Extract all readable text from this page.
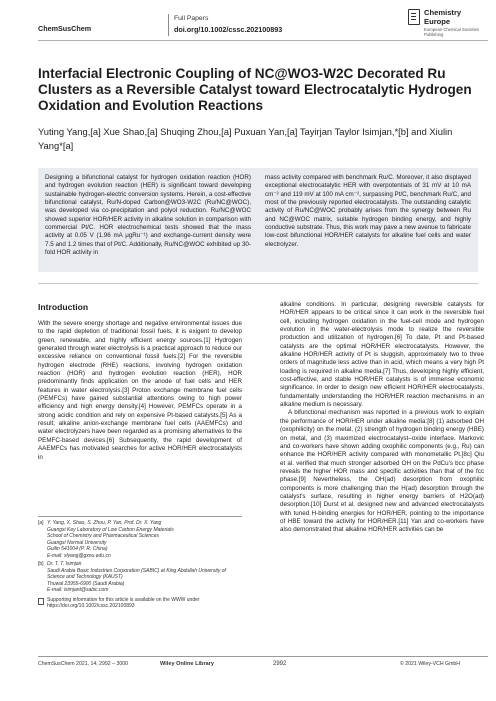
ChemSusChem
Full Papers
doi.org/10.1002/cssc.202100893
Chemistry
Europe
European Chemical Societies Publishing
Interfacial Electronic Coupling of NC@WO3-W2C Decorated Ru Clusters as a Reversible Catalyst toward Electrocatalytic Hydrogen Oxidation and Evolution Reactions
Yuting Yang,[a] Xue Shao,[a] Shuqing Zhou,[a] Puxuan Yan,[a] Tayirjan Taylor Isimjan,*[b] and Xiulin Yang*[a]
Designing a bifunctional catalyst for hydrogen oxidation reaction (HOR) and hydrogen evolution reaction (HER) is significant toward developing sustainable hydrogen-electric conversion systems. Herein, a cost-effective bifunctional catalyst, Ru/N-doped Carbon@WO3-W2C (Ru/NC@WOC), was developed via co-precipitation and polyol reduction. Ru/NC@WOC showed superior HOR/HER activity in alkaline solution in comparison with commercial Pt/C. HOR electrochemical tests showed that the mass activity at 0.05 V (1.96 mA μgRu⁻¹) and exchange-current density were 7.5 and 1.2 times that of Pt/C. Additionally, Ru/NC@WOC exhibited up 30-fold HOR activity in
mass activity compared with benchmark Ru/C. Moreover, it also displayed exceptional electrocatalytic HER with overpotentials of 31 mV at 10 mA cm⁻² and 119 mV at 100 mA cm⁻², surpassing Pt/C, benchmark Ru/C, and most of the previously reported electrocatalysts. The outstanding catalytic activity of Ru/NC@WOC probably arises from the synergy between Ru and NC@WOC matrix, suitable hydrogen binding energy, and highly conductive substrate. Thus, this work may pave a new avenue to fabricate low-cost bifunctional HOR/HER catalysts for alkaline fuel cells and water electrolyzer.
Introduction

With the severe energy shortage and negative environmental issues due to the rapid depletion of traditional fossil fuels, it is exigent to develop green, renewable, and highly efficient energy sources.[1] Hydrogen generated through water electrolysis is a practical approach to reduce our excessive reliance on conventional fossil fuels.[2] For the reversible hydrogen electrode (RHE) reactions, involving hydrogen oxidation reaction (HOR) and hydrogen evolution reaction (HER), HOR predominantly finds application on the anode of fuel cells and HER features in water electrolysis.[3] Proton exchange membrane fuel cells (PEMFCs) have gained substantial attentions owing to high power efficiency and high energy density.[4] However, PEMFCs operate in a strong acidic condition and rely on expensive Pt-based catalysts.[5] As a result; alkaline anion-exchange membrane fuel cells (AAEMFCs) and water electrolyzers have been regarded as a promising alternatives to the PEMFC-based devices.[6] Subsequently, the rapid development of AAEMFCs has motivated searches for active HOR/HER electrocatalysts in

alkaline conditions. In particular, designing reversible catalysts for HOR/HER appears to be critical since it can work in the reversible fuel cell, including hydrogen oxidation in the fuel-cell mode and hydrogen evolution in the water-electrolysis mode to realize the reversible production and utilization of hydrogen.[6] To date, Pt and Pt-based catalysts are the optimal HOR/HER electrocatalysts. However, the alkaline HOR/HER activity of Pt is sluggish, approximately two to three orders of magnitude less active than in acid, which means a very high Pt loading is required in alkaline media.[7] Thus, developing highly efficient, cost-effective, and stable HOR/HER catalysts is of immense economic significance. In order to design new efficient HOR/HER electrocatalysts, fundamentally understanding the HOR/HER reaction mechanisms in an alkaline medium is necessary.

A bifunctional mechanism was reported in a previous work to explain the performance of HOR/HER under alkaline media:[8] (1) adsorbed OH (oxophilicity) on the metal, (2) strength of hydrogen binding energy (HBE) on metal, and (3) maximized electrocatalyst–oxide interface. Markovic and co-workers have shown adding oxophilic components (e.g., Ru) can enhance the HOR/HER activity compared with monometallic Pt.[8c] Qiu et al. verified that much stronger adsorbed OH on the PdCu's bcc phase reveals the higher HOR mass and specific activities than that of the fcc phase.[9] Nevertheless, the OH(ad) desorption from oxophilic components is more challenging than the H(ad) desorption through the catalyst's surface, resulting in higher energy barriers of H2O(ad) desorption.[10] Durst et al. designed new and advanced electrocatalysts with tuned H-binding energies for HOR/HER, pointing to the importance of HBE toward the activity for HOR/HER.[11] Yan and co-workers have also demonstrated that alkaline HOR/HER activities can be

[a] Y. Yang, X. Shao, S. Zhou, P. Yan, Prof. Dr. X. Yang
Guangxi Key Laboratory of Low Carbon Energy Materials
School of Chemistry and Pharmaceutical Sciences
Guangxi Normal University
Guilin 541004 (P. R. China)
E-mail: xlyang@gxnu.edu.cn
[b] Dr. T. T. Isimjan
Saudi Arabia Basic Industries Corporation (SABIC) at King Abdullah University of Science and Technology (KAUST)
Thuwal 23955-6900 (Saudi Arabia)
E-mail: isimjant@sabic.com
Supporting information for this article is available on the WWW under https://doi.org/10.1002/cssc.202100893
ChemSusChem 2021, 14, 2992 – 3000	Wiley Online Library	2992	© 2021 Wiley-VCH GmbH
